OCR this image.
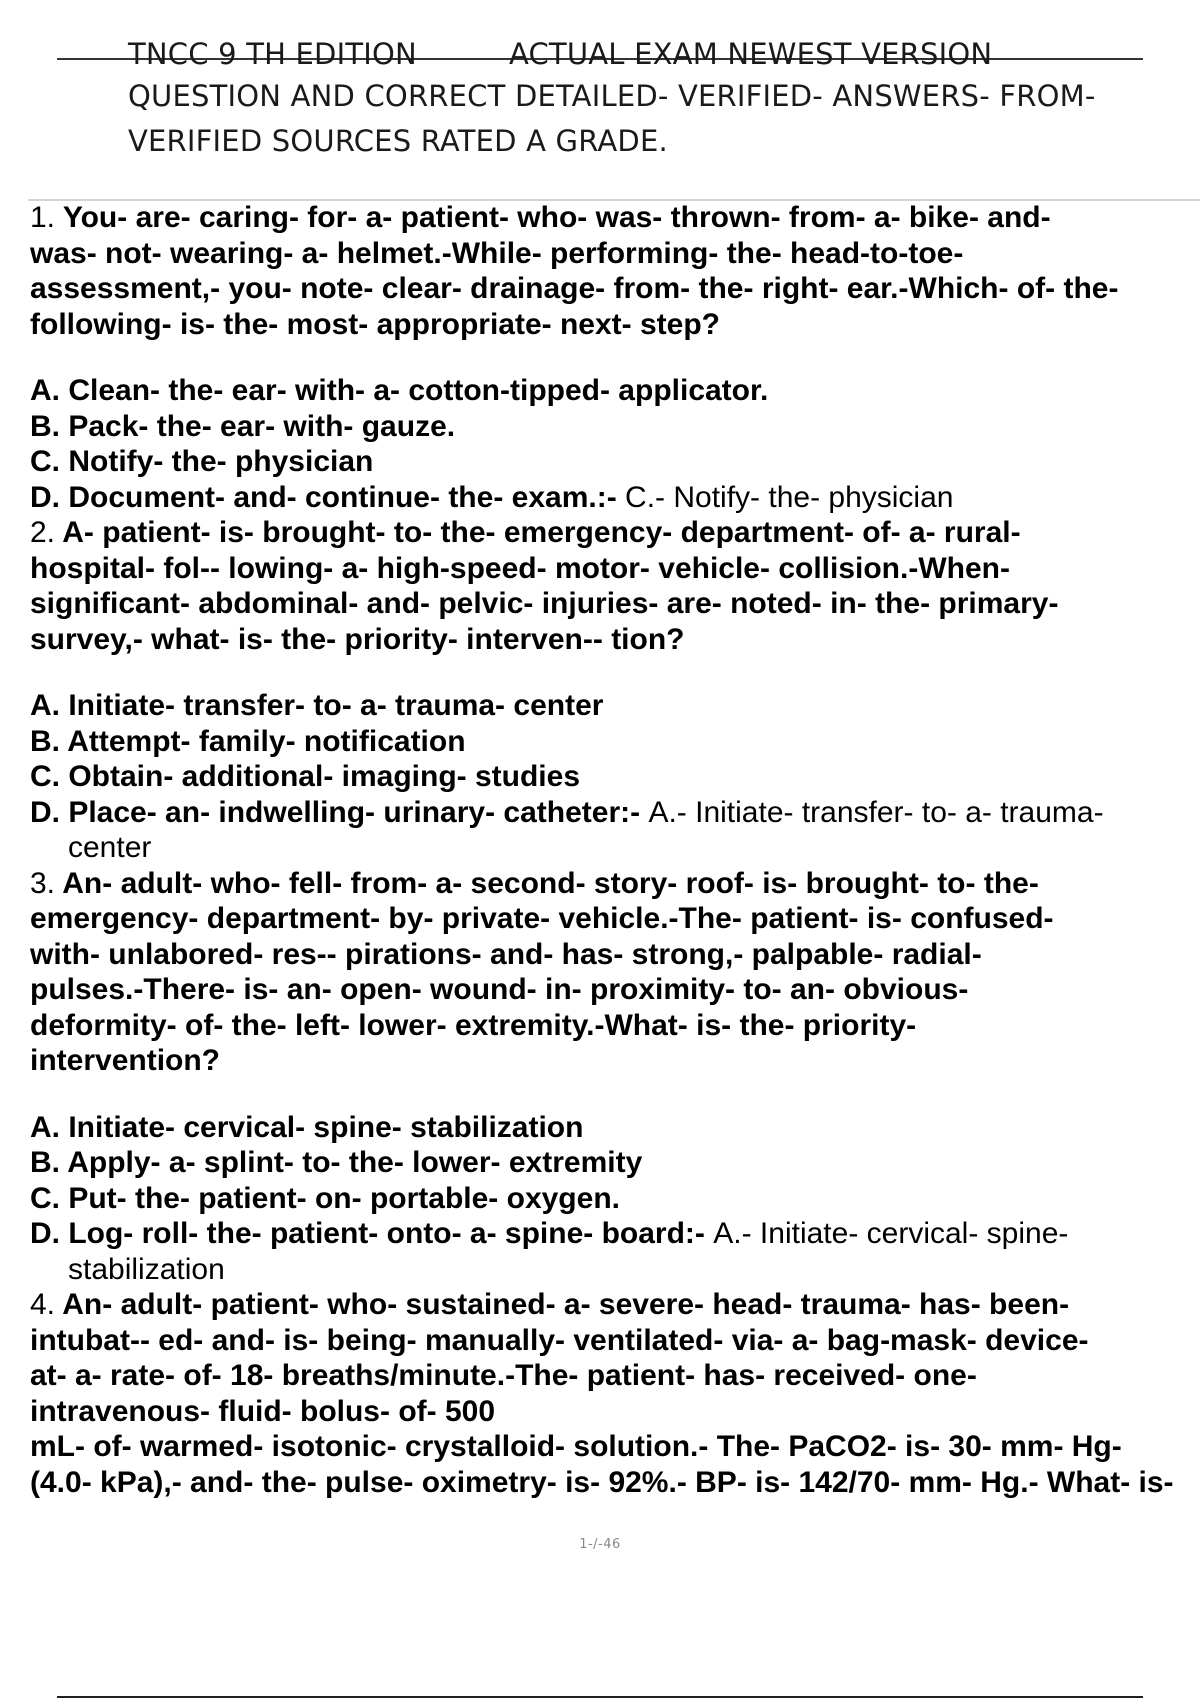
TNCC 9 TH EDITION	ACTUAL EXAM NEWEST VERSION
QUESTION AND CORRECT DETAILED- VERIFIED- ANSWERS- FROM-
VERIFIED SOURCES RATED A GRADE.
1. You- are- caring- for- a- patient- who- was- thrown- from- a- bike- and-
was- not- wearing- a- helmet.-While- performing- the- head-to-toe-
assessment,- you- note- clear- drainage- from- the- right- ear.-Which- of- the-
following- is- the- most- appropriate- next- step?
A. Clean- the- ear- with- a- cotton-tipped- applicator.
B. Pack- the- ear- with- gauze.
C. Notify- the- physician
D. Document- and- continue- the- exam.:- C.- Notify- the- physician
2. A- patient- is- brought- to- the- emergency- department- of- a- rural-
hospital- fol-- lowing- a- high-speed- motor- vehicle- collision.-When-
significant- abdominal- and- pelvic- injuries- are- noted- in- the- primary-
survey,- what- is- the- priority- interven-- tion?
A. Initiate- transfer- to- a- trauma- center
B. Attempt- family- notification
C. Obtain- additional- imaging- studies
D. Place- an- indwelling- urinary- catheter:- A.- Initiate- transfer- to- a- trauma-
center
3. An- adult- who- fell- from- a- second- story- roof- is- brought- to- the-
emergency- department- by- private- vehicle.-The- patient- is- confused-
with- unlabored- res-- pirations- and- has- strong,- palpable- radial-
pulses.-There- is- an- open- wound- in- proximity- to- an- obvious-
deformity- of- the- left- lower- extremity.-What- is- the- priority-
intervention?
A. Initiate- cervical- spine- stabilization
B. Apply- a- splint- to- the- lower- extremity
C. Put- the- patient- on- portable- oxygen.
D. Log- roll- the- patient- onto- a- spine- board:- A.- Initiate- cervical- spine-
stabilization
4. An- adult- patient- who- sustained- a- severe- head- trauma- has- been-
intubat-- ed- and- is- being- manually- ventilated- via- a- bag-mask- device-
at- a- rate- of- 18- breaths/minute.-The- patient- has- received- one-
intravenous- fluid- bolus- of- 500
mL- of- warmed- isotonic- crystalloid- solution.- The- PaCO2- is- 30- mm- Hg-
(4.0- kPa),- and- the- pulse- oximetry- is- 92%.- BP- is- 142/70- mm- Hg.- What- is-
1-/-46
